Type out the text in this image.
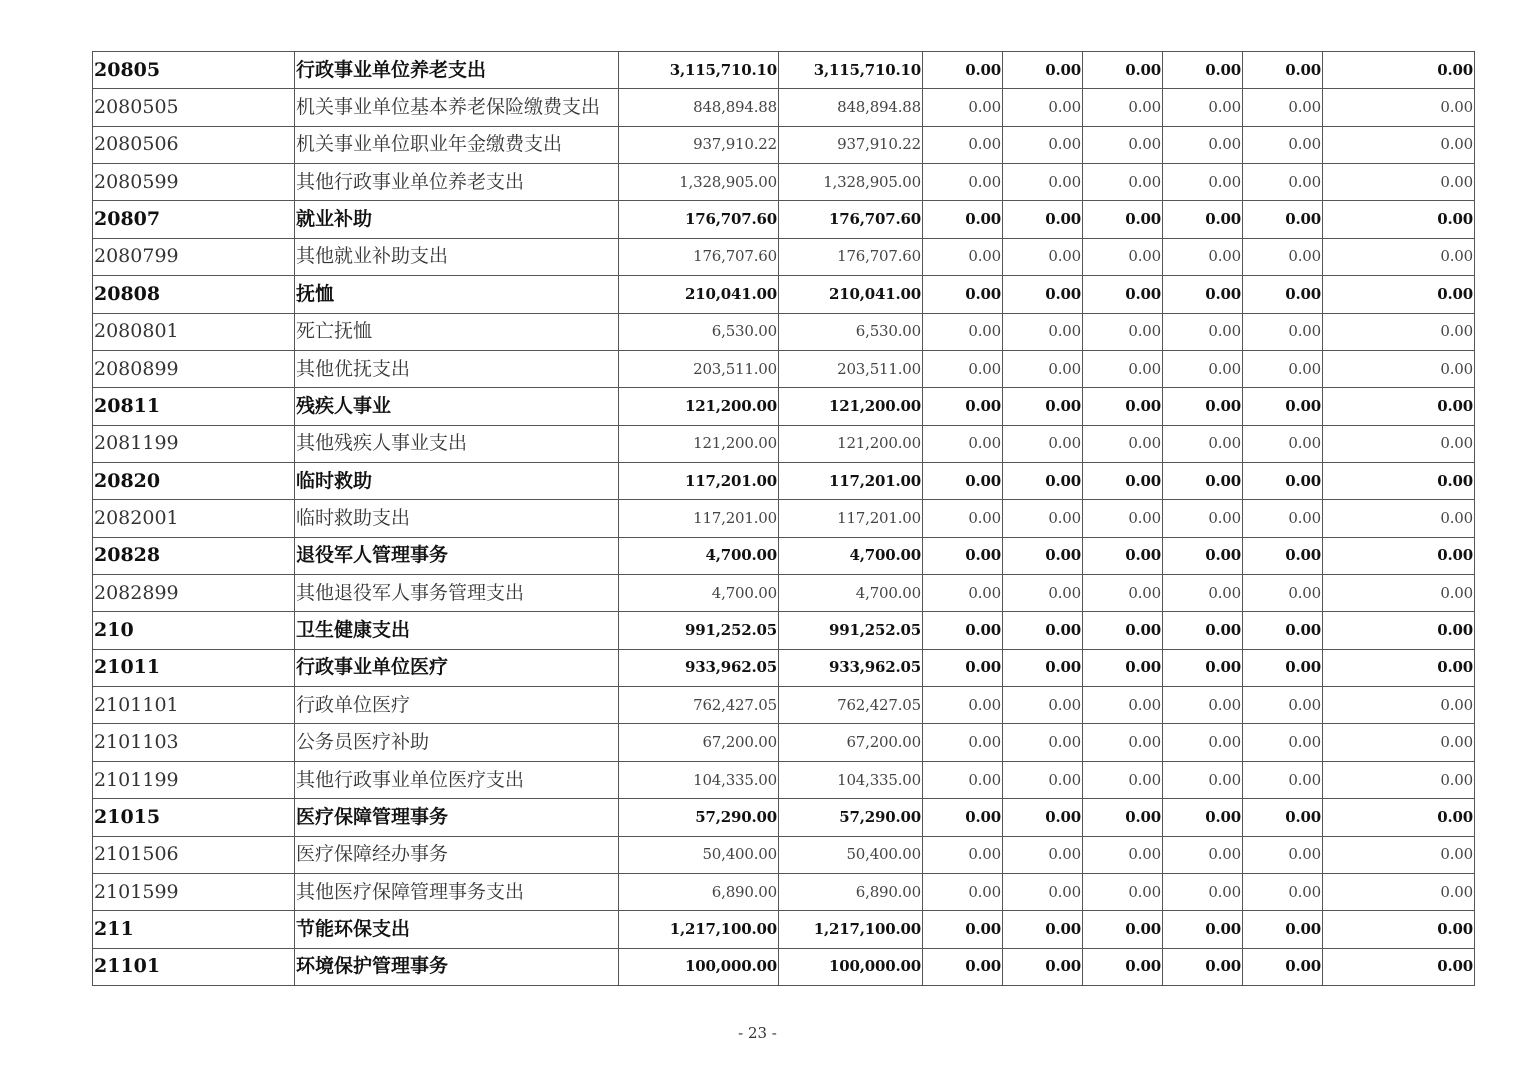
20805	行政事业单位养老支出	3,115,710.10	3,115,710.10	0.00	0.00	0.00	0.00	0.00	0.00
2080505	机关事业单位基本养老保险缴费支出	848,894.88	848,894.88	0.00	0.00	0.00	0.00	0.00	0.00
2080506	机关事业单位职业年金缴费支出	937,910.22	937,910.22	0.00	0.00	0.00	0.00	0.00	0.00
2080599	其他行政事业单位养老支出	1,328,905.00	1,328,905.00	0.00	0.00	0.00	0.00	0.00	0.00
20807	就业补助	176,707.60	176,707.60	0.00	0.00	0.00	0.00	0.00	0.00
2080799	其他就业补助支出	176,707.60	176,707.60	0.00	0.00	0.00	0.00	0.00	0.00
20808	抚恤	210,041.00	210,041.00	0.00	0.00	0.00	0.00	0.00	0.00
2080801	死亡抚恤	6,530.00	6,530.00	0.00	0.00	0.00	0.00	0.00	0.00
2080899	其他优抚支出	203,511.00	203,511.00	0.00	0.00	0.00	0.00	0.00	0.00
20811	残疾人事业	121,200.00	121,200.00	0.00	0.00	0.00	0.00	0.00	0.00
2081199	其他残疾人事业支出	121,200.00	121,200.00	0.00	0.00	0.00	0.00	0.00	0.00
20820	临时救助	117,201.00	117,201.00	0.00	0.00	0.00	0.00	0.00	0.00
2082001	临时救助支出	117,201.00	117,201.00	0.00	0.00	0.00	0.00	0.00	0.00
20828	退役军人管理事务	4,700.00	4,700.00	0.00	0.00	0.00	0.00	0.00	0.00
2082899	其他退役军人事务管理支出	4,700.00	4,700.00	0.00	0.00	0.00	0.00	0.00	0.00
210	卫生健康支出	991,252.05	991,252.05	0.00	0.00	0.00	0.00	0.00	0.00
21011	行政事业单位医疗	933,962.05	933,962.05	0.00	0.00	0.00	0.00	0.00	0.00
2101101	行政单位医疗	762,427.05	762,427.05	0.00	0.00	0.00	0.00	0.00	0.00
2101103	公务员医疗补助	67,200.00	67,200.00	0.00	0.00	0.00	0.00	0.00	0.00
2101199	其他行政事业单位医疗支出	104,335.00	104,335.00	0.00	0.00	0.00	0.00	0.00	0.00
21015	医疗保障管理事务	57,290.00	57,290.00	0.00	0.00	0.00	0.00	0.00	0.00
2101506	医疗保障经办事务	50,400.00	50,400.00	0.00	0.00	0.00	0.00	0.00	0.00
2101599	其他医疗保障管理事务支出	6,890.00	6,890.00	0.00	0.00	0.00	0.00	0.00	0.00
211	节能环保支出	1,217,100.00	1,217,100.00	0.00	0.00	0.00	0.00	0.00	0.00
21101	环境保护管理事务	100,000.00	100,000.00	0.00	0.00	0.00	0.00	0.00	0.00
- 23 -
